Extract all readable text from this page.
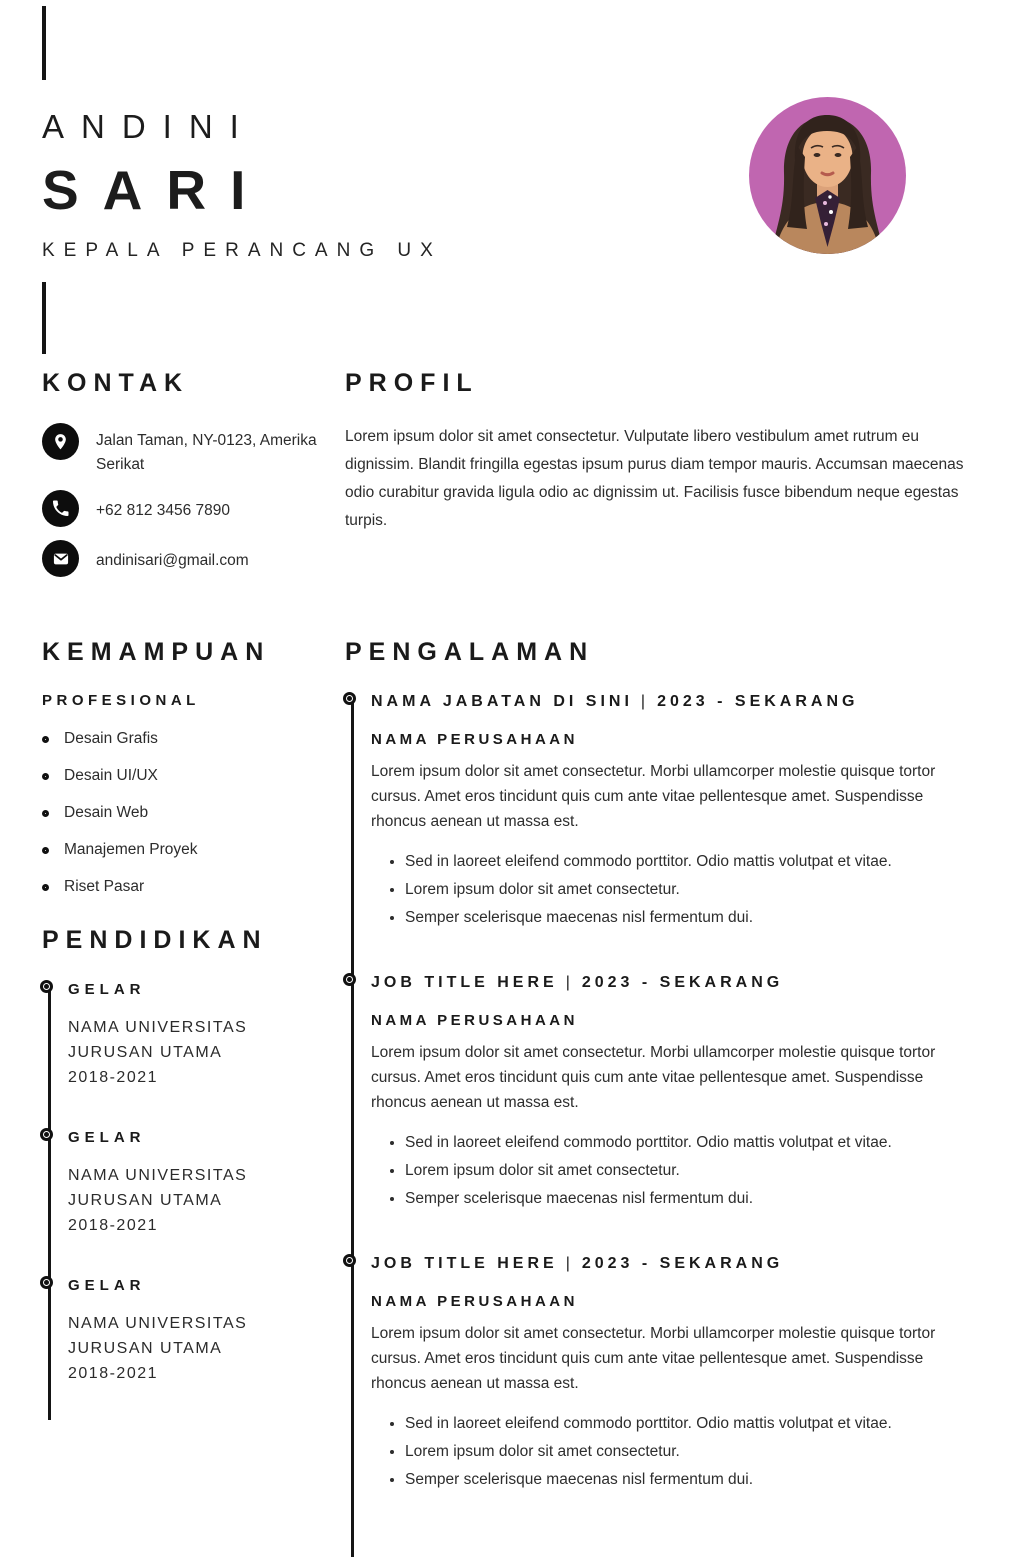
ANDINI
SARI
KEPALA PERANCANG UX
KONTAK
Jalan Taman, NY-0123, Amerika Serikat
+62 812 3456 7890
andinisari@gmail.com
PROFIL

Lorem ipsum dolor sit amet consectetur. Vulputate libero vestibulum amet rutrum eu dignissim. Blandit fringilla egestas ipsum purus diam tempor mauris. Accumsan maecenas odio curabitur gravida ligula odio ac dignissim ut. Facilisis fusce bibendum neque egestas turpis.

KEMAMPUAN
PROFESIONAL
Desain Grafis
Desain UI/UX
Desain Web
Manajemen Proyek
Riset Pasar
PENDIDIKAN
GELAR
NAMA UNIVERSITAS
JURUSAN UTAMA
2018-2021
GELAR
NAMA UNIVERSITAS
JURUSAN UTAMA
2018-2021
GELAR
NAMA UNIVERSITAS
JURUSAN UTAMA
2018-2021
PENGALAMAN
NAMA JABATAN DI SINI | 2023 - SEKARANG
NAMA PERUSAHAAN

Lorem ipsum dolor sit amet consectetur. Morbi ullamcorper molestie quisque tortor cursus. Amet eros tincidunt quis cum ante vitae pellentesque amet. Suspendisse rhoncus aenean ut massa est.

• Sed in laoreet eleifend commodo porttitor. Odio mattis volutpat et vitae.
• Lorem ipsum dolor sit amet consectetur.
• Semper scelerisque maecenas nisl fermentum dui.
JOB TITLE HERE | 2023 - SEKARANG
NAMA PERUSAHAAN

Lorem ipsum dolor sit amet consectetur. Morbi ullamcorper molestie quisque tortor cursus. Amet eros tincidunt quis cum ante vitae pellentesque amet. Suspendisse rhoncus aenean ut massa est.

• Sed in laoreet eleifend commodo porttitor. Odio mattis volutpat et vitae.
• Lorem ipsum dolor sit amet consectetur.
• Semper scelerisque maecenas nisl fermentum dui.
JOB TITLE HERE | 2023 - SEKARANG
NAMA PERUSAHAAN

Lorem ipsum dolor sit amet consectetur. Morbi ullamcorper molestie quisque tortor cursus. Amet eros tincidunt quis cum ante vitae pellentesque amet. Suspendisse rhoncus aenean ut massa est.

• Sed in laoreet eleifend commodo porttitor. Odio mattis volutpat et vitae.
• Lorem ipsum dolor sit amet consectetur.
• Semper scelerisque maecenas nisl fermentum dui.
